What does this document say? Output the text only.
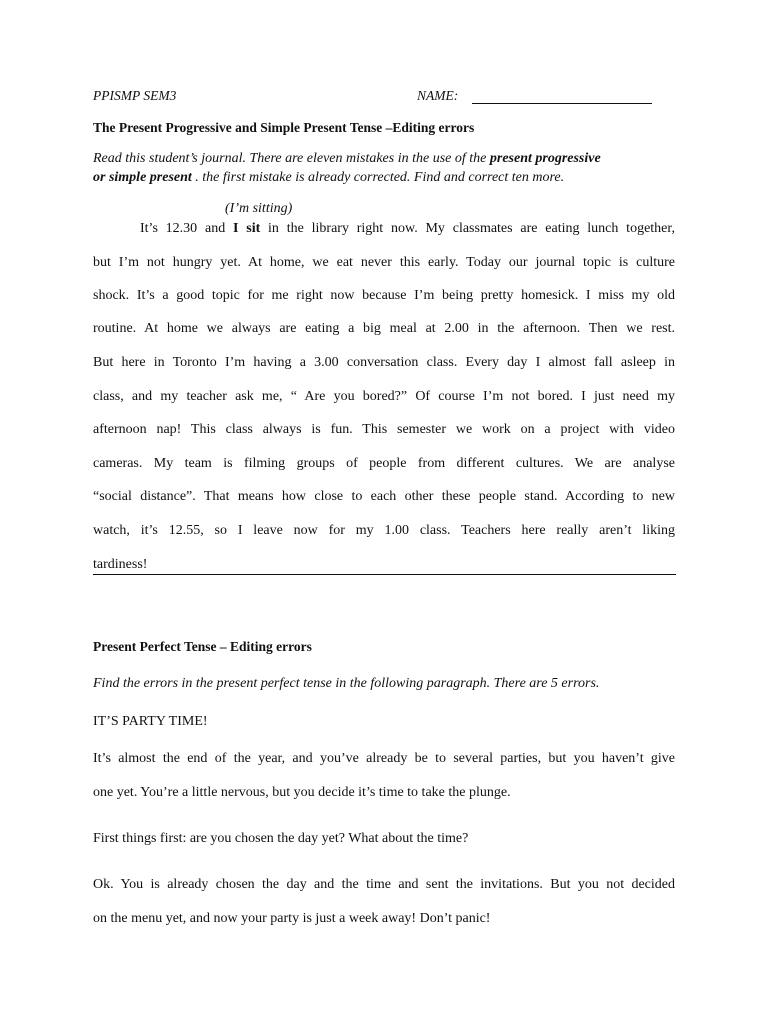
PPISMP SEM3	NAME:
The Present Progressive and Simple Present Tense –Editing errors
Read this student’s journal. There are eleven mistakes in the use of the present progressive
or simple present . the first mistake is already corrected. Find and correct ten more.
(I’m sitting)
It’s 12.30 and I sit in the library right now. My classmates are eating lunch together,
but I’m not hungry yet. At home, we eat never this early. Today our journal topic is culture
shock. It’s a good topic for me right now because I’m being pretty homesick. I miss my old
routine. At home we always are eating a big meal at 2.00 in the afternoon. Then we rest.
But here in Toronto I’m having a 3.00 conversation class. Every day I almost fall asleep in
class, and my teacher ask me, “ Are you bored?” Of course I’m not bored. I just need my
afternoon nap! This class always is fun. This semester we work on a project with video
cameras. My team is filming groups of people from different cultures. We are analyse
“social distance”. That means how close to each other these people stand. According to new
watch, it’s 12.55, so I leave now for my 1.00 class. Teachers here really aren’t liking
tardiness!
Present Perfect Tense – Editing errors
Find the errors in the present perfect tense in the following paragraph. There are 5 errors.
IT’S PARTY TIME!
It’s almost the end of the year, and you’ve already be to several parties, but you haven’t give
one yet. You’re a little nervous, but you decide it’s time to take the plunge.
First things first: are you chosen the day yet? What about the time?
Ok. You is already chosen the day and the time and sent the invitations. But you not decided
on the menu yet, and now your party is just a week away! Don’t panic!
